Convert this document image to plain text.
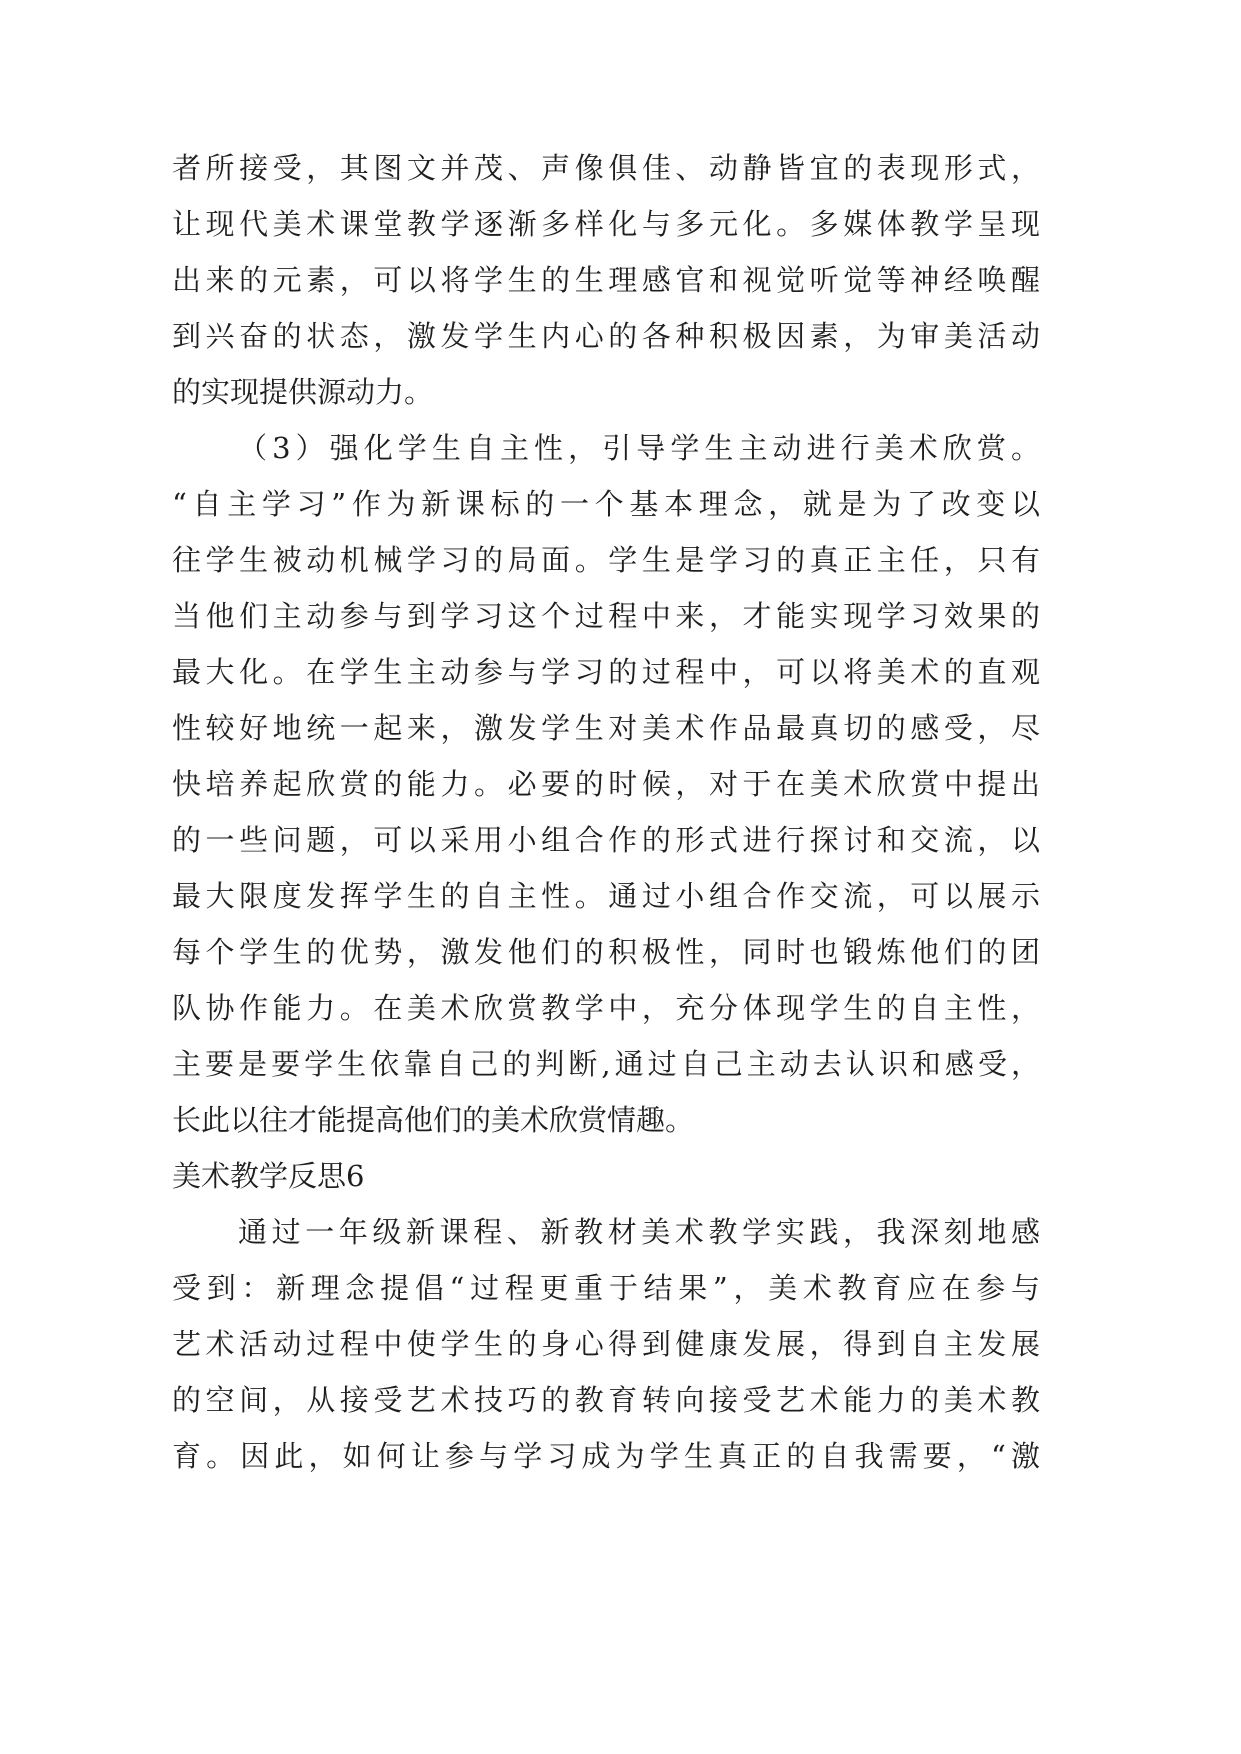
者所接受，其图文并茂、声像俱佳、动静皆宜的表现形式，
让现代美术课堂教学逐渐多样化与多元化。多媒体教学呈现
出来的元素，可以将学生的生理感官和视觉听觉等神经唤醒
到兴奋的状态，激发学生内心的各种积极因素，为审美活动
的实现提供源动力。
（3）强化学生自主性，引导学生主动进行美术欣赏。
“自主学习”作为新课标的一个基本理念，就是为了改变以
往学生被动机械学习的局面。学生是学习的真正主任，只有
当他们主动参与到学习这个过程中来，才能实现学习效果的
最大化。在学生主动参与学习的过程中，可以将美术的直观
性较好地统一起来，激发学生对美术作品最真切的感受，尽
快培养起欣赏的能力。必要的时候，对于在美术欣赏中提出
的一些问题，可以采用小组合作的形式进行探讨和交流，以
最大限度发挥学生的自主性。通过小组合作交流，可以展示
每个学生的优势，激发他们的积极性，同时也锻炼他们的团
队协作能力。在美术欣赏教学中，充分体现学生的自主性，
主要是要学生依靠自己的判断,通过自己主动去认识和感受，
长此以往才能提高他们的美术欣赏情趣。
美术教学反思6
通过一年级新课程、新教材美术教学实践，我深刻地感
受到：新理念提倡“过程更重于结果”，美术教育应在参与
艺术活动过程中使学生的身心得到健康发展，得到自主发展
的空间，从接受艺术技巧的教育转向接受艺术能力的美术教
育。因此，如何让参与学习成为学生真正的自我需要，“激
